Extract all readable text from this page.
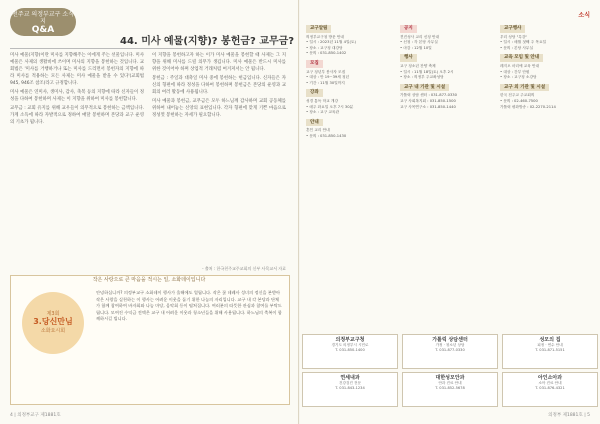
천주교 의정부교구 소식지
Q&A
44. 미사 예물(지향)? 봉헌금? 교무금?

미사 예물(지향)이란 미사를 지향해주는 이에게 주는 선물입니다. 미사 예물은 사제의 생활비에 쓰이며 미사의 지향을 봉헌하는 것입니다. 교회법은 '미사를 거행하거나 또는 미사를 드리면서 봉헌자의 지향에 따라 미사를 적용하는 모든 사제는 미사 예물을 받을 수 있다'(교회법 945, 946조 참조)라고 규정합니다.

미사 예물은 연미사, 생미사, 감사, 축복 등의 지향에 따라 신자들이 정성을 다하여 봉헌하며 사제는 이 지향을 위하여 미사를 봉헌합니다.

교무금 : 교회 유지를 위해 교우들이 의무적으로 봉헌하는 금액입니다. 가계 소득에 따라 자발적으로 정하여 매달 봉헌하며 본당과 교구 운영의 기초가 됩니다.

이 지향을 봉헌하고자 하는 이가 미사 예물을 봉헌할 때 사제는 그 지향을 위해 미사를 드릴 의무가 생깁니다. 미사 예물은 반드시 미사를 위한 것이어야 하며 상업적 거래처럼 여겨져서는 안 됩니다.

봉헌금 : 주일과 대축일 미사 중에 봉헌하는 헌금입니다. 신자들은 자신의 형편에 따라 정성을 다하여 봉헌하며 봉헌금은 본당의 운영과 교회의 여러 활동에 사용됩니다.

미사 예물과 봉헌금, 교무금은 모두 하느님께 감사하며 교회 공동체를 위하여 내어놓는 신앙의 표현입니다. 각자 형편에 맞게 기쁜 마음으로 정성껏 봉헌하는 자세가 필요합니다.

- 출처 : 한국천주교주교회의 신부 사목교서 자료
작은 사랑으로 큰 마음을 적시는 일, 소화데이입니다
제3회
3.당신만님
소화요시회
안녕하십니까? 의정부교구 소화데이 행사가 올해에도 열립니다. 작은 꽃 데레사 성녀의 정신을 본받아 작은 사랑을 실천하는 이 행사는 어려운 이웃을 돕기 위한 나눔의 자리입니다. 교구 내 각 본당과 단체가 함께 참여하여 바자회와 나눔 마당, 음악회 등이 펼쳐집니다. 여러분의 따뜻한 관심과 참여를 부탁드립니다. 모여진 수익금 전액은 교구 내 어려운 이웃과 청소년들을 위해 사용됩니다. 하느님의 축복이 함께하시길 빕니다.
4 | 의정부교구 제1881호
소식
교구알림

의정부교구청 방문 안내
• 일시 : 2023년 11월 4일(토)
• 장소 : 교구청 대강당
• 문의 : 031-850-1402
모집

교구 청년부 봉사자 모집
• 대상 : 만 19~39세 청년
• 기간 : 11월 30일까지
강좌

성경 통독 학교 개강
• 매주 화요일 오후 7시 30분
• 장소 : 교구 교육관
안내

혼인 교리 안내
• 문의 : 031-850-1430
공지

견진성사 교리 신청 안내
• 신청 : 각 본당 사무실
• 마감 : 12월 10일
행사

교구 청소년 찬양 축제
• 일시 : 11월 18일(토) 오후 2시
• 장소 : 의정부 주교좌성당
교구 내 기관 및 시설

가톨릭 상담 센터 : 031-877-0330
교구 사회복지회 : 031-850-1500
교구 사목연구소 : 031-850-1440
교구행사

우리 성당 "특강"
• 일시 : 매월 첫째 주 목요일
• 문의 : 본당 사무실
교육 모임 및 안내

레지오 마리애 교육 안내
• 대상 : 간부 단원
• 장소 : 교구청 소강당
교구 외 기관 및 시설

한국 천주교 주교회의
• 문의 : 02-460-7500
가톨릭 평화방송 : 02-2270-2114
의정부 제1881호 | 5
의정부교구청
경기도 의정부시 시민로
T. 031-850-1400
가톨릭 상담센터
가정 · 청소년 상담
T. 031-877-0330
성모의 집
피정 · 연수 안내
T. 031-871-5151
연세내과
건강검진 전문
T. 031-843-1234
대한성모안과
안과 진료 안내
T. 031-852-5678
아인소아과
소아 진료 안내
T. 031-876-4321
